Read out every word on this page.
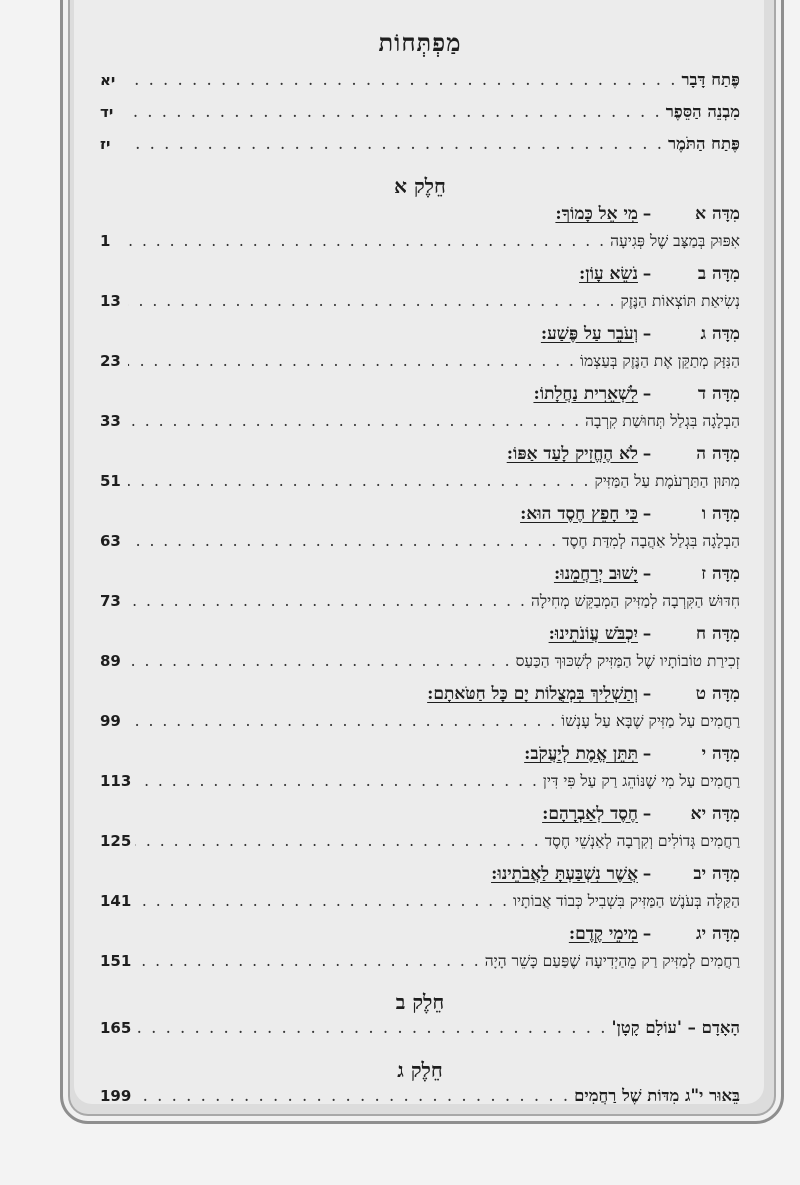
מַפְתְּחוֹת
פֶּתַח דָּבָר
. . .
יא
מִבְנֵה הַסֵּפֶר
. . .
יד
פֶּתַח הַתֹּמֶר
. . .
יז
חֵלֶק א
מִדָּה א
–
מִי אֵל כָּמוֹךָ:
אִפּוּק בְּמַצָּב שֶׁל פְּגִיעָה
. . .
1
מִדָּה ב
–
נֹשֵׂא עָוֹן:
נְשִׂיאַת תּוֹצְאוֹת הַנֶּזֶק
. . .
13
מִדָּה ג
–
וְעֹבֵר עַל פֶּשַׁע:
הַנִּזָּק מְתַקֵּן אֶת הַנֶּזֶק בְּעַצְמוֹ
. . .
23
מִדָּה ד
–
לִשְׁאֵרִית נַחֲלָתוֹ:
הַבְלָגָה בִּגְלַל תְּחוּשַׁת קִרְבָה
. . .
33
מִדָּה ה
–
לֹא הֶחֱזִיק לָעַד אַפּוֹ:
מִתּוּן הַתַּרְעֹמֶת עַל הַמַּזִּיק
. . .
51
מִדָּה ו
–
כִּי חָפֵץ חֶסֶד הוּא:
הַבְלָגָה בִּגְלַל אַהֲבָה לְמִדַּת חֶסֶד
. . .
63
מִדָּה ז
–
יָשׁוּב יְרַחֲמֵנוּ:
חִדּוּשׁ הַקִּרְבָה לְמַזִּיק הַמְבַקֵּשׁ מְחִילָה
. . .
73
מִדָּה ח
–
יִכְבֹּשׁ עֲוֹנֹתֵינוּ:
זְכִירַת טוֹבוֹתָיו שֶׁל הַמַּזִּיק לְשִׁכּוּךְ הַכַּעַס
. . .
89
מִדָּה ט
–
וְתַשְׁלִיךְ בִּמְצֻלוֹת יָם כָּל חַטֹּאתָם:
רַחֲמִים עַל מַזִּיק שֶׁבָּא עַל עָנְשׁוֹ
. . .
99
מִדָּה י
–
תִּתֵּן אֱמֶת לְיַעֲקֹב:
רַחֲמִים עַל מִי שֶׁנּוֹהֵג רַק עַל פִּי דִּין
. . .
113
מִדָּה יא
–
חֶסֶד לְאַבְרָהָם:
רַחֲמִים גְּדוֹלִים וְקִרְבָה לְאַנְשֵׁי חֶסֶד
. . .
125
מִדָּה יב
–
אֲשֶׁר נִשְׁבַּעְתָּ לַאֲבֹתֵינוּ:
הַקַּלָּה בְּעֹנֶשׁ הַמַּזִּיק בִּשְׁבִיל כְּבוֹד אֲבוֹתָיו
. . .
141
מִדָּה יג
–
מִימֵי קֶדֶם:
רַחֲמִים לְמַזִּיק רַק מֵהַיְדִיעָה שֶׁפַּעַם כָּשֵׁר הָיָה
. . .
151
חֵלֶק ב
הָאָדָם – 'עוֹלָם קָטָן'
. . .
165
חֵלֶק ג
בֵּאוּר י"ג מִדּוֹת שֶׁל רַחֲמִים
. . .
199
